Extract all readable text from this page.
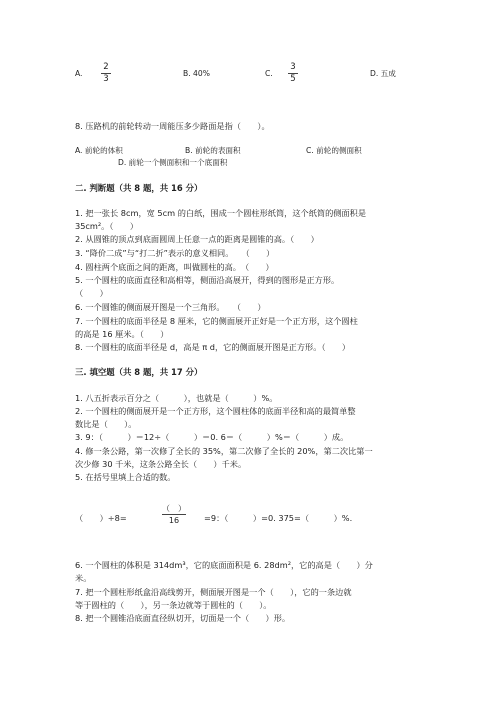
A.
2
3
B. 40%	C.
3
5
D. 五成
8. 压路机的前轮转动一周能压多少路面是指（　　）。
A. 前轮的体积	B. 前轮的表面积	C. 前轮的侧面积
D. 前轮一个侧面积和一个底面积
二. 判断题（共 8 题，共 16 分）
1. 把一张长 8cm，宽 5cm 的白纸，围成一个圆柱形纸筒，这个纸筒的侧面积是
35cm²。（　　）
2. 从圆锥的顶点到底面圆周上任意一点的距离是圆锥的高。（　　）
3. “降价二成”与“打二折”表示的意义相同。　　（　　）
4. 圆柱两个底面之间的距离，叫做圆柱的高。　（　　）
5. 一个圆柱的底面直径和高相等，侧面沿高展开，得到的图形是正方形。
（　　）
6. 一个圆锥的侧面展开图是一个三角形。　　（　　）
7. 一个圆柱的底面半径是 8 厘米，它的侧面展开正好是一个正方形，这个圆柱
的高是 16 厘米。（　　）
8. 一个圆柱的底面半径是 d，高是 π d，它的侧面展开图是正方形。（　　）
三. 填空题（共 8 题，共 17 分）
1. 八五折表示百分之（　　　），也就是（　　　）%。
2. 一个圆柱的侧面展开是一个正方形，这个圆柱体的底面半径和高的最简单整
数比是（　　）。
3. 9：（　　　）＝12÷（　　　）＝0. 6＝（　　　）%＝（　　　）成。
4. 修一条公路，第一次修了全长的 35%，第二次修了全长的 20%，第二次比第一
次少修 30 千米，这条公路全长（　　）千米。
5. 在括号里填上合适的数。
（　　）÷8=
（　）
16	=9：（　　　）=0. 375=（　　　）%.
6. 一个圆柱的体积是 314dm³，它的底面面积是 6. 28dm²，它的高是（　　）分
米。
7. 把一个圆柱形纸盒沿高线剪开，侧面展开图是一个（　　），它的一条边就
等于圆柱的（　　），另一条边就等于圆柱的（　　）。
8. 把一个圆锥沿底面直径纵切开，切面是一个（　　）形。
